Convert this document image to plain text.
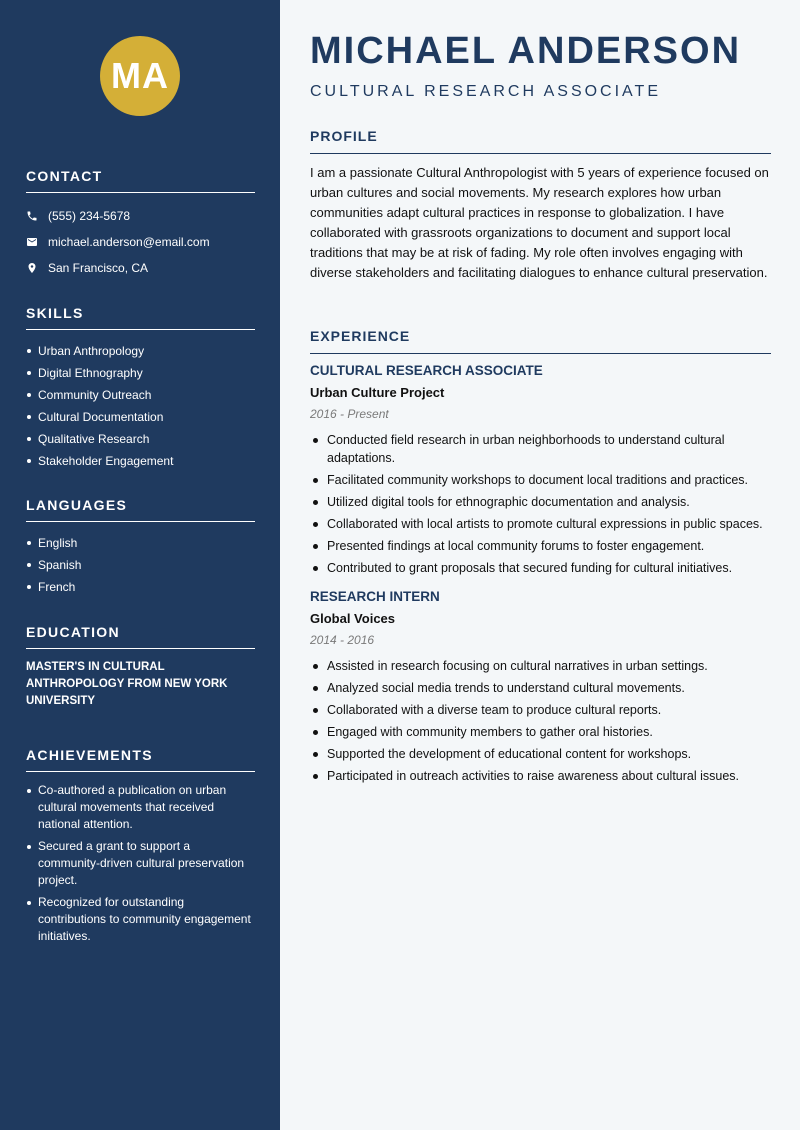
MA
CONTACT
(555) 234-5678
michael.anderson@email.com
San Francisco, CA
SKILLS
Urban Anthropology
Digital Ethnography
Community Outreach
Cultural Documentation
Qualitative Research
Stakeholder Engagement
LANGUAGES
English
Spanish
French
EDUCATION
MASTER'S IN CULTURAL ANTHROPOLOGY FROM NEW YORK UNIVERSITY
ACHIEVEMENTS
Co-authored a publication on urban cultural movements that received national attention.
Secured a grant to support a community-driven cultural preservation project.
Recognized for outstanding contributions to community engagement initiatives.
MICHAEL ANDERSON
CULTURAL RESEARCH ASSOCIATE
PROFILE
I am a passionate Cultural Anthropologist with 5 years of experience focused on urban cultures and social movements. My research explores how urban communities adapt cultural practices in response to globalization. I have collaborated with grassroots organizations to document and support local traditions that may be at risk of fading. My role often involves engaging with diverse stakeholders and facilitating dialogues to enhance cultural preservation.
EXPERIENCE
CULTURAL RESEARCH ASSOCIATE
Urban Culture Project
2016 - Present
Conducted field research in urban neighborhoods to understand cultural adaptations.
Facilitated community workshops to document local traditions and practices.
Utilized digital tools for ethnographic documentation and analysis.
Collaborated with local artists to promote cultural expressions in public spaces.
Presented findings at local community forums to foster engagement.
Contributed to grant proposals that secured funding for cultural initiatives.
RESEARCH INTERN
Global Voices
2014 - 2016
Assisted in research focusing on cultural narratives in urban settings.
Analyzed social media trends to understand cultural movements.
Collaborated with a diverse team to produce cultural reports.
Engaged with community members to gather oral histories.
Supported the development of educational content for workshops.
Participated in outreach activities to raise awareness about cultural issues.
